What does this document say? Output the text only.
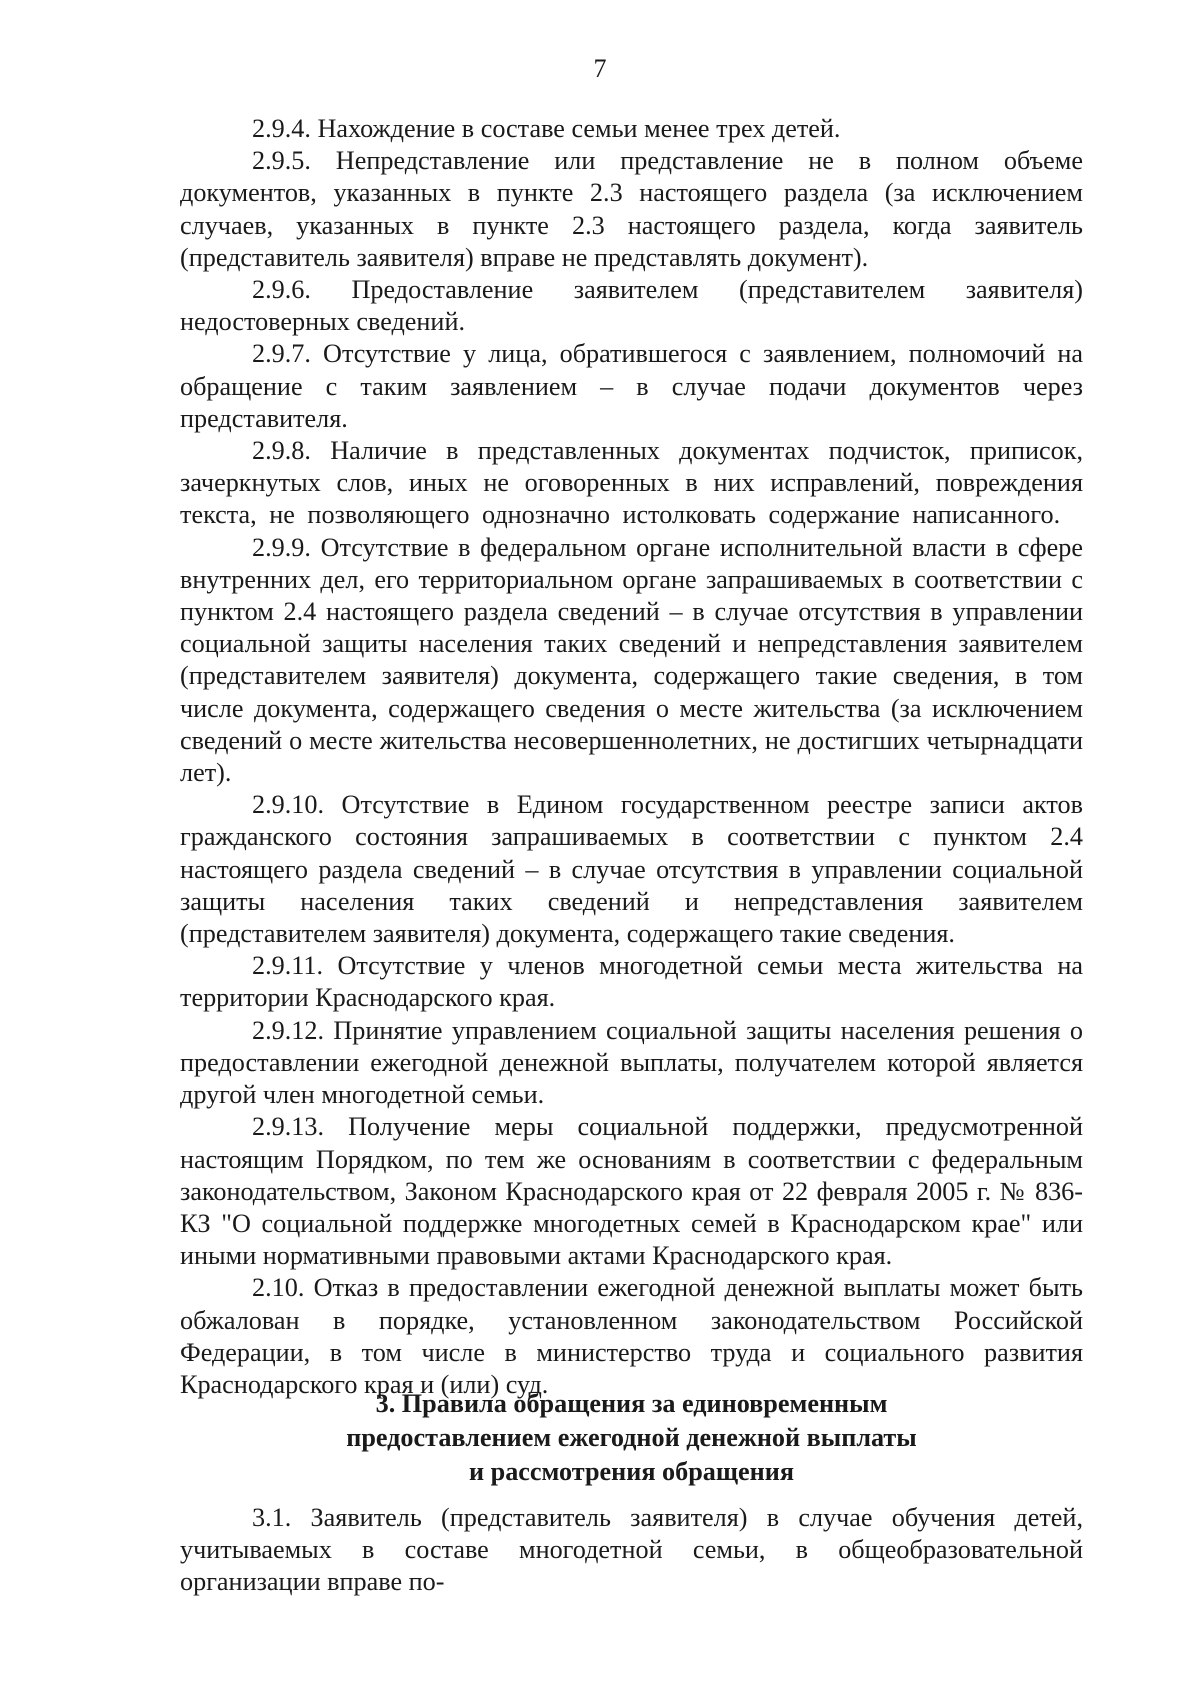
7

2.9.4. Нахождение в составе семьи менее трех детей.

2.9.5. Непредставление или представление не в полном объеме документов, указанных в пункте 2.3 настоящего раздела (за исключением случаев, указанных в пункте 2.3 настоящего раздела, когда заявитель (представитель заявителя) вправе не представлять документ).

2.9.6. Предоставление заявителем (представителем заявителя) недостоверных сведений.

2.9.7. Отсутствие у лица, обратившегося с заявлением, полномочий на обращение с таким заявлением – в случае подачи документов через представителя.

2.9.8. Наличие в представленных документах подчисток, приписок, зачеркнутых слов, иных не оговоренных в них исправлений, повреждения текста, не позволяющего однозначно истолковать содержание написанного.

2.9.9. Отсутствие в федеральном органе исполнительной власти в сфере внутренних дел, его территориальном органе запрашиваемых в соответствии с пунктом 2.4 настоящего раздела сведений – в случае отсутствия в управлении социальной защиты населения таких сведений и непредставления заявителем (представителем заявителя) документа, содержащего такие сведения, в том числе документа, содержащего сведения о месте жительства (за исключением сведений о месте жительства несовершеннолетних, не достигших четырнадцати лет).

2.9.10. Отсутствие в Едином государственном реестре записи актов гражданского состояния запрашиваемых в соответствии с пунктом 2.4 настоящего раздела сведений – в случае отсутствия в управлении социальной защиты населения таких сведений и непредставления заявителем (представителем заявителя) документа, содержащего такие сведения.

2.9.11. Отсутствие у членов многодетной семьи места жительства на территории Краснодарского края.

2.9.12. Принятие управлением социальной защиты населения решения о предоставлении ежегодной денежной выплаты, получателем которой является другой член многодетной семьи.

2.9.13. Получение меры социальной поддержки, предусмотренной настоящим Порядком, по тем же основаниям в соответствии с федеральным законодательством, Законом Краснодарского края от 22 февраля 2005 г. № 836-КЗ "О социальной поддержке многодетных семей в Краснодарском крае" или иными нормативными правовыми актами Краснодарского края.

2.10. Отказ в предоставлении ежегодной денежной выплаты может быть обжалован в порядке, установленном законодательством Российской Федерации, в том числе в министерство труда и социального развития Краснодарского края и (или) суд.

3. Правила обращения за единовременным
предоставлением ежегодной денежной выплаты
и рассмотрения обращения

3.1. Заявитель (представитель заявителя) в случае обучения детей, учитываемых в составе многодетной семьи, в общеобразовательной организации вправе по-
